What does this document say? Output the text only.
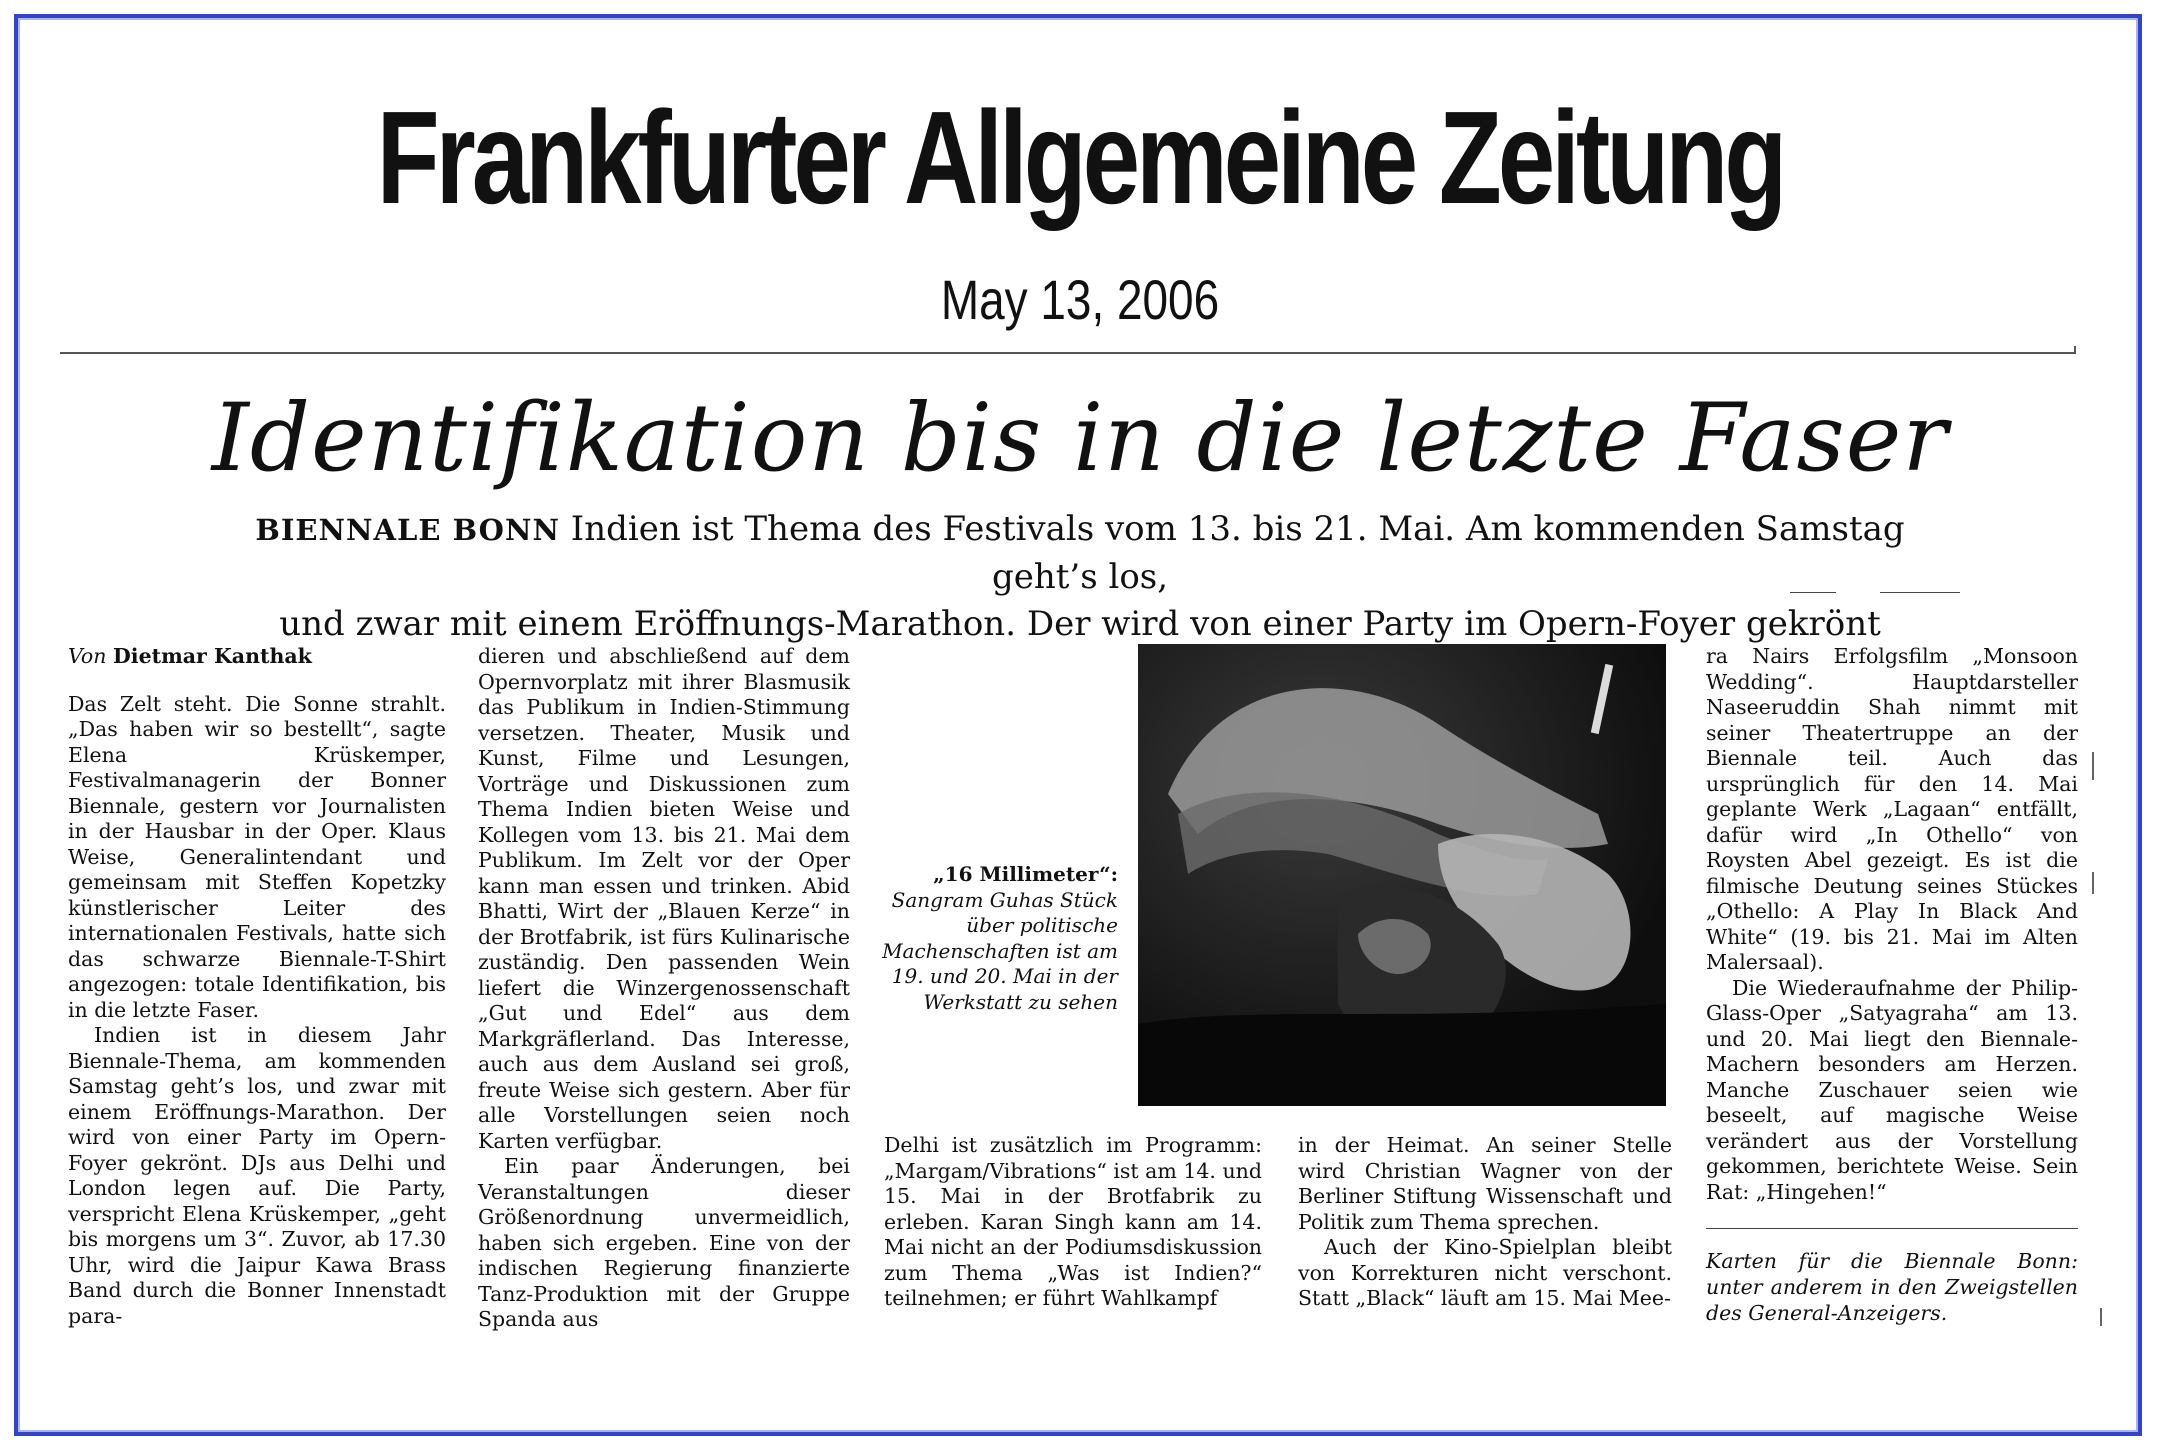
Frankfurter Allgemeine Zeitung
May 13, 2006
Identifikation bis in die letzte Faser
BIENNALE BONN Indien ist Thema des Festivals vom 13. bis 21. Mai. Am kommenden Samstag geht’s los,
und zwar mit einem Eröffnungs-Marathon. Der wird von einer Party im Opern-Foyer gekrönt

Von Dietmar Kanthak

Das Zelt steht. Die Sonne strahlt. „Das haben wir so bestellt“, sagte Elena Krüskemper, Festivalmanagerin der Bonner Biennale, gestern vor Journalisten in der Hausbar in der Oper. Klaus Weise, Generalintendant und gemeinsam mit Steffen Kopetzky künstlerischer Leiter des internationalen Festivals, hatte sich das schwarze Biennale-T-Shirt angezogen: totale Identifikation, bis in die letzte Faser.

Indien ist in diesem Jahr Biennale-Thema, am kommenden Samstag geht’s los, und zwar mit einem Eröffnungs-Marathon. Der wird von einer Party im Opern-Foyer gekrönt. DJs aus Delhi und London legen auf. Die Party, verspricht Elena Krüskemper, „geht bis morgens um 3“. Zuvor, ab 17.30 Uhr, wird die Jaipur Kawa Brass Band durch die Bonner Innenstadt para-

dieren und abschließend auf dem Opernvorplatz mit ihrer Blasmusik das Publikum in Indien-Stimmung versetzen. Theater, Musik und Kunst, Filme und Lesungen, Vorträge und Diskussionen zum Thema Indien bieten Weise und Kollegen vom 13. bis 21. Mai dem Publikum. Im Zelt vor der Oper kann man essen und trinken. Abid Bhatti, Wirt der „Blauen Kerze“ in der Brotfabrik, ist fürs Kulinarische zuständig. Den passenden Wein liefert die Winzergenossenschaft „Gut und Edel“ aus dem Markgräflerland. Das Interesse, auch aus dem Ausland sei groß, freute Weise sich gestern. Aber für alle Vorstellungen seien noch Karten verfügbar.

Ein paar Änderungen, bei Veranstaltungen dieser Größenordnung unvermeidlich, haben sich ergeben. Eine von der indischen Regierung finanzierte Tanz-Produktion mit der Gruppe Spanda aus

„16 Millimeter“:
Sangram Guhas Stück über politische Machenschaften ist am 19. und 20. Mai in der Werkstatt zu sehen

Delhi ist zusätzlich im Programm: „Margam/Vibrations“ ist am 14. und 15. Mai in der Brotfabrik zu erleben. Karan Singh kann am 14. Mai nicht an der Podiumsdiskussion zum Thema „Was ist Indien?“ teilnehmen; er führt Wahlkampf

in der Heimat. An seiner Stelle wird Christian Wagner von der Berliner Stiftung Wissenschaft und Politik zum Thema sprechen.

Auch der Kino-Spielplan bleibt von Korrekturen nicht verschont. Statt „Black“ läuft am 15. Mai Mee-

ra Nairs Erfolgsfilm „Monsoon Wedding“. Hauptdarsteller Naseeruddin Shah nimmt mit seiner Theatertruppe an der Biennale teil. Auch das ursprünglich für den 14. Mai geplante Werk „Lagaan“ entfällt, dafür wird „In Othello“ von Roysten Abel gezeigt. Es ist die filmische Deutung seines Stückes „Othello: A Play In Black And White“ (19. bis 21. Mai im Alten Malersaal).

Die Wiederaufnahme der Philip-Glass-Oper „Satyagraha“ am 13. und 20. Mai liegt den Biennale-Machern besonders am Herzen. Manche Zuschauer seien wie beseelt, auf magische Weise verändert aus der Vorstellung gekommen, berichtete Weise. Sein Rat: „Hingehen!“

Karten für die Biennale Bonn: unter anderem in den Zweigstellen des General-Anzeigers.
